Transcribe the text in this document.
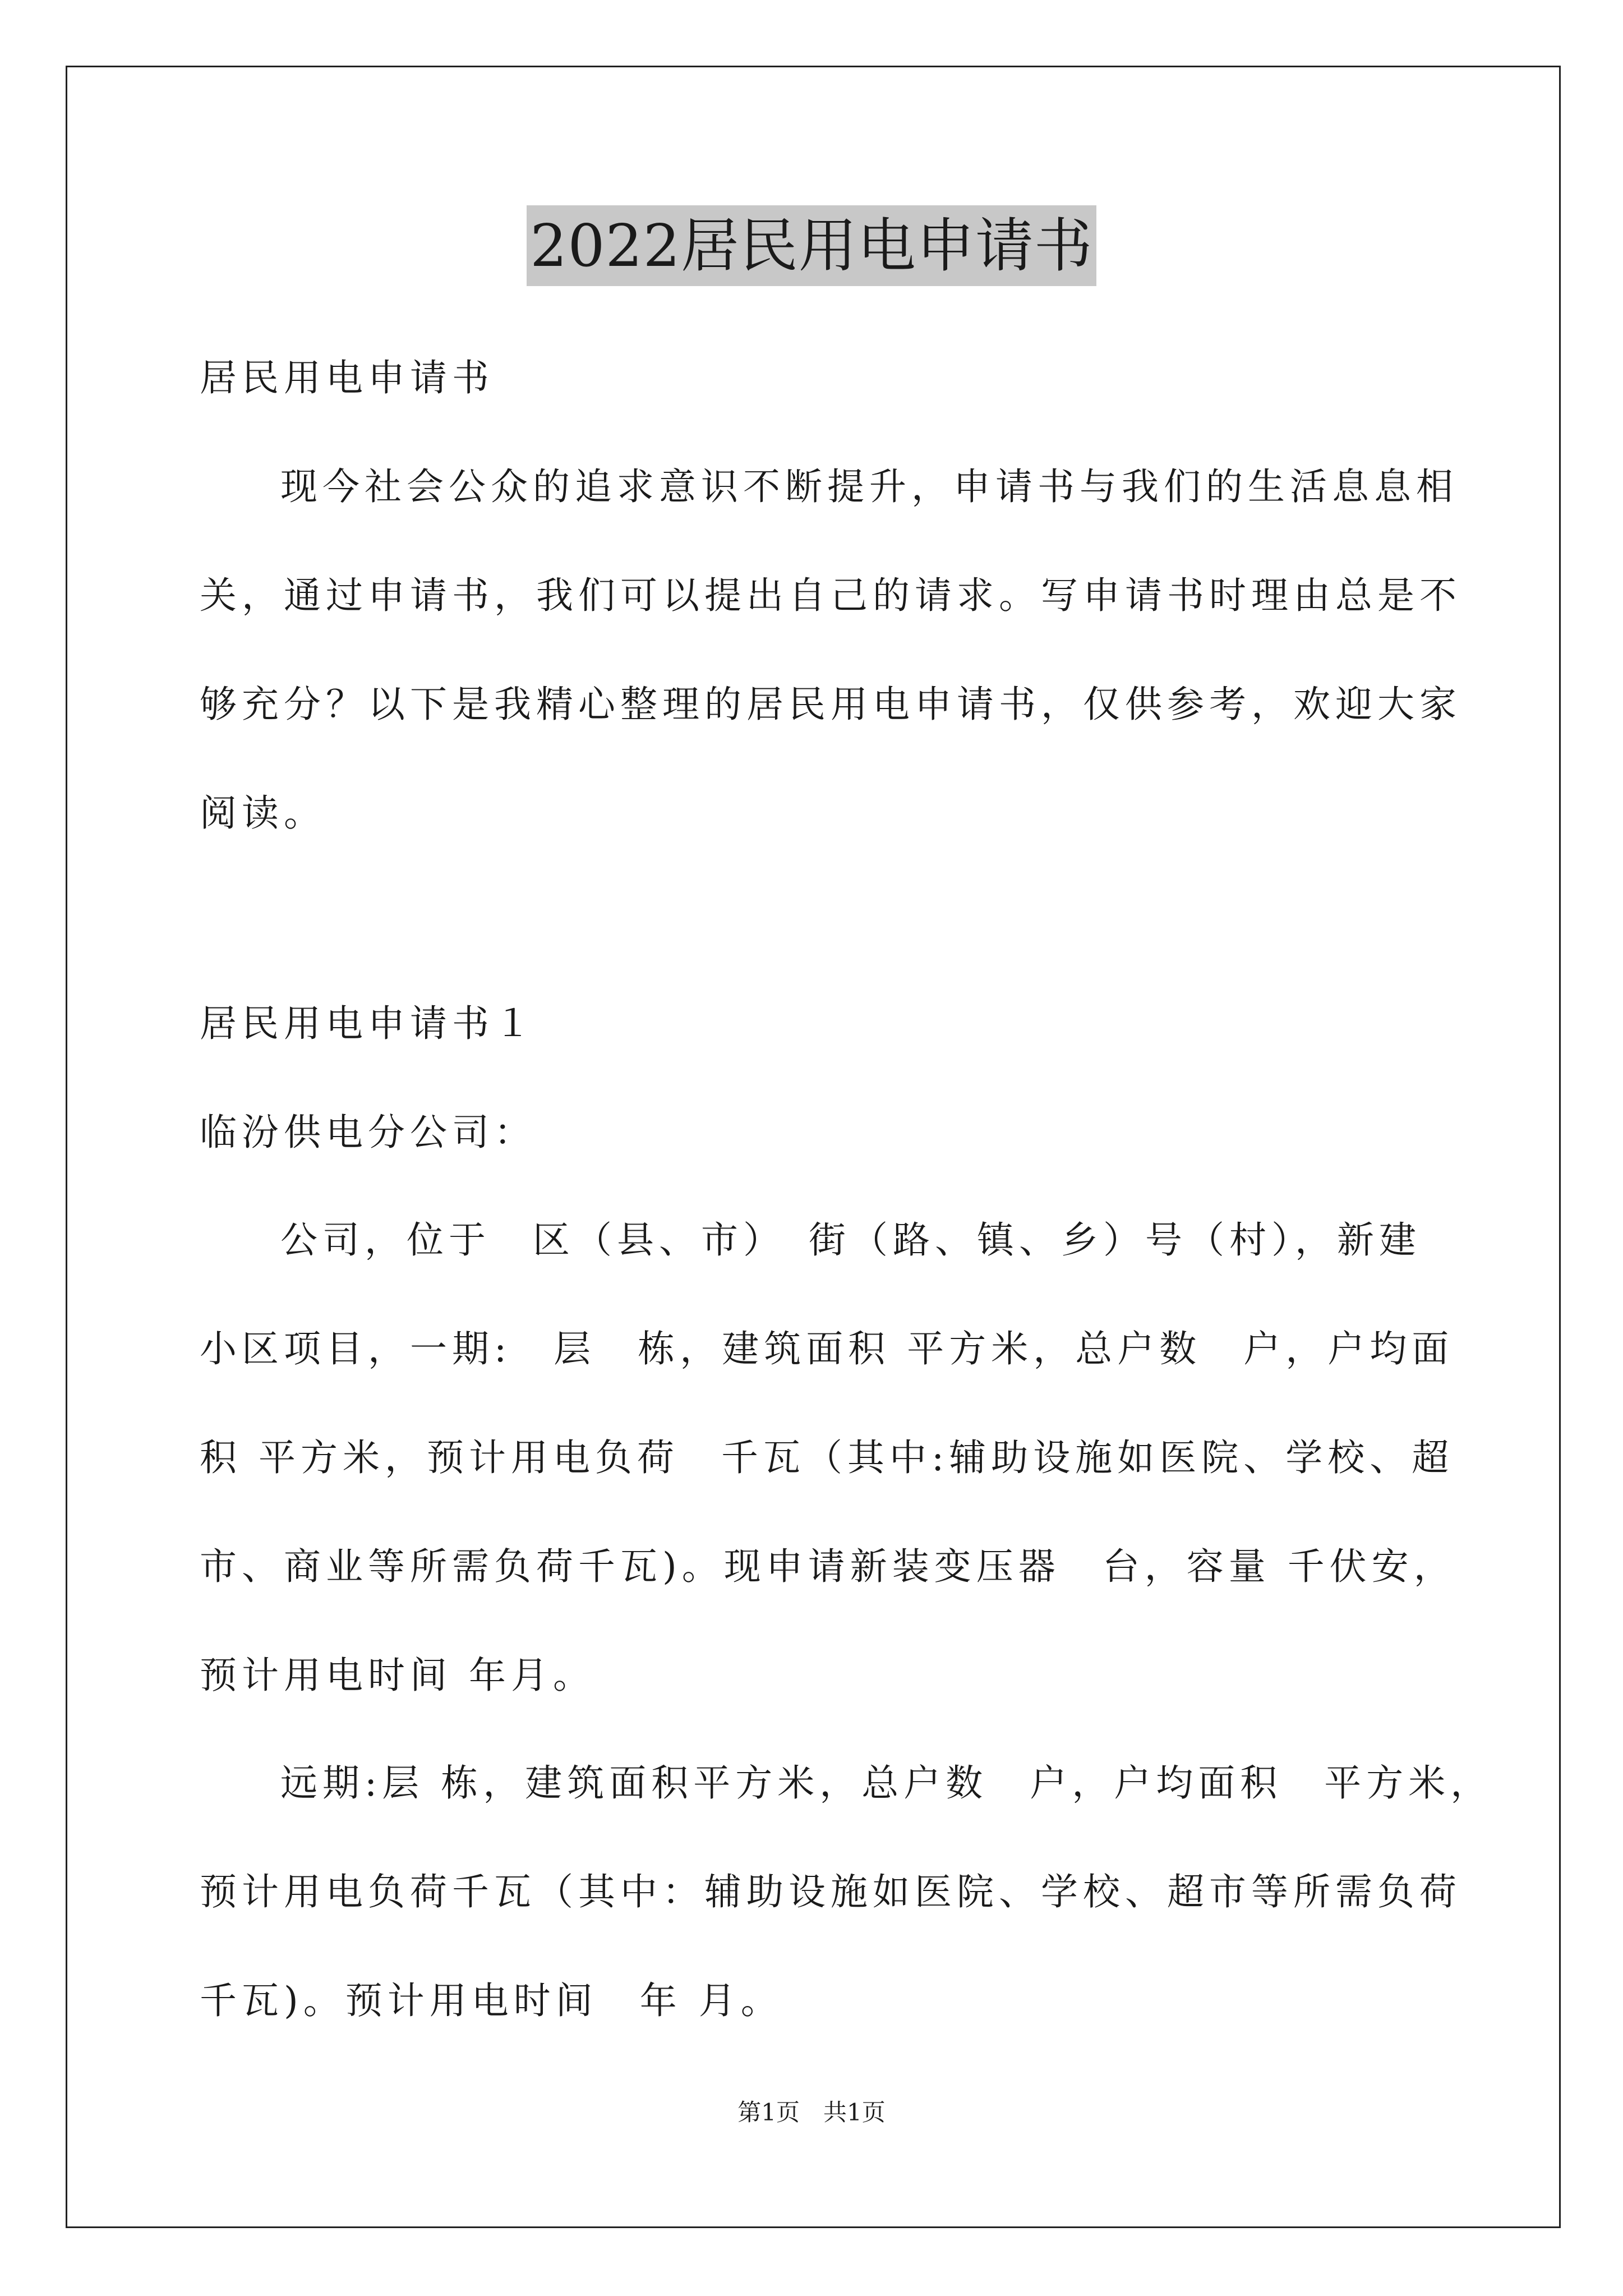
2022居民用电申请书
居民用电申请书
现今社会公众的追求意识不断提升，申请书与我们的生活息息相
关，通过申请书，我们可以提出自己的请求。写申请书时理由总是不
够充分？以下是我精心整理的居民用电申请书，仅供参考，欢迎大家
阅读。
居民用电申请书１
临汾供电分公司：
公司，位于　区（县、市）　街（路、镇、乡）号（村），新建
小区项目，一期:　层　栋，建筑面积 平方米，总户数　户，户均面
积 平方米，预计用电负荷　千瓦（其中:辅助设施如医院、学校、超
市、商业等所需负荷千瓦)。现申请新装变压器　台，容量 千伏安，
预计用电时间 年月。
远期:层 栋，建筑面积平方米，总户数　户，户均面积　平方米，
预计用电负荷千瓦（其中：辅助设施如医院、学校、超市等所需负荷
千瓦)。预计用电时间　年 月。
第1页　共1页
